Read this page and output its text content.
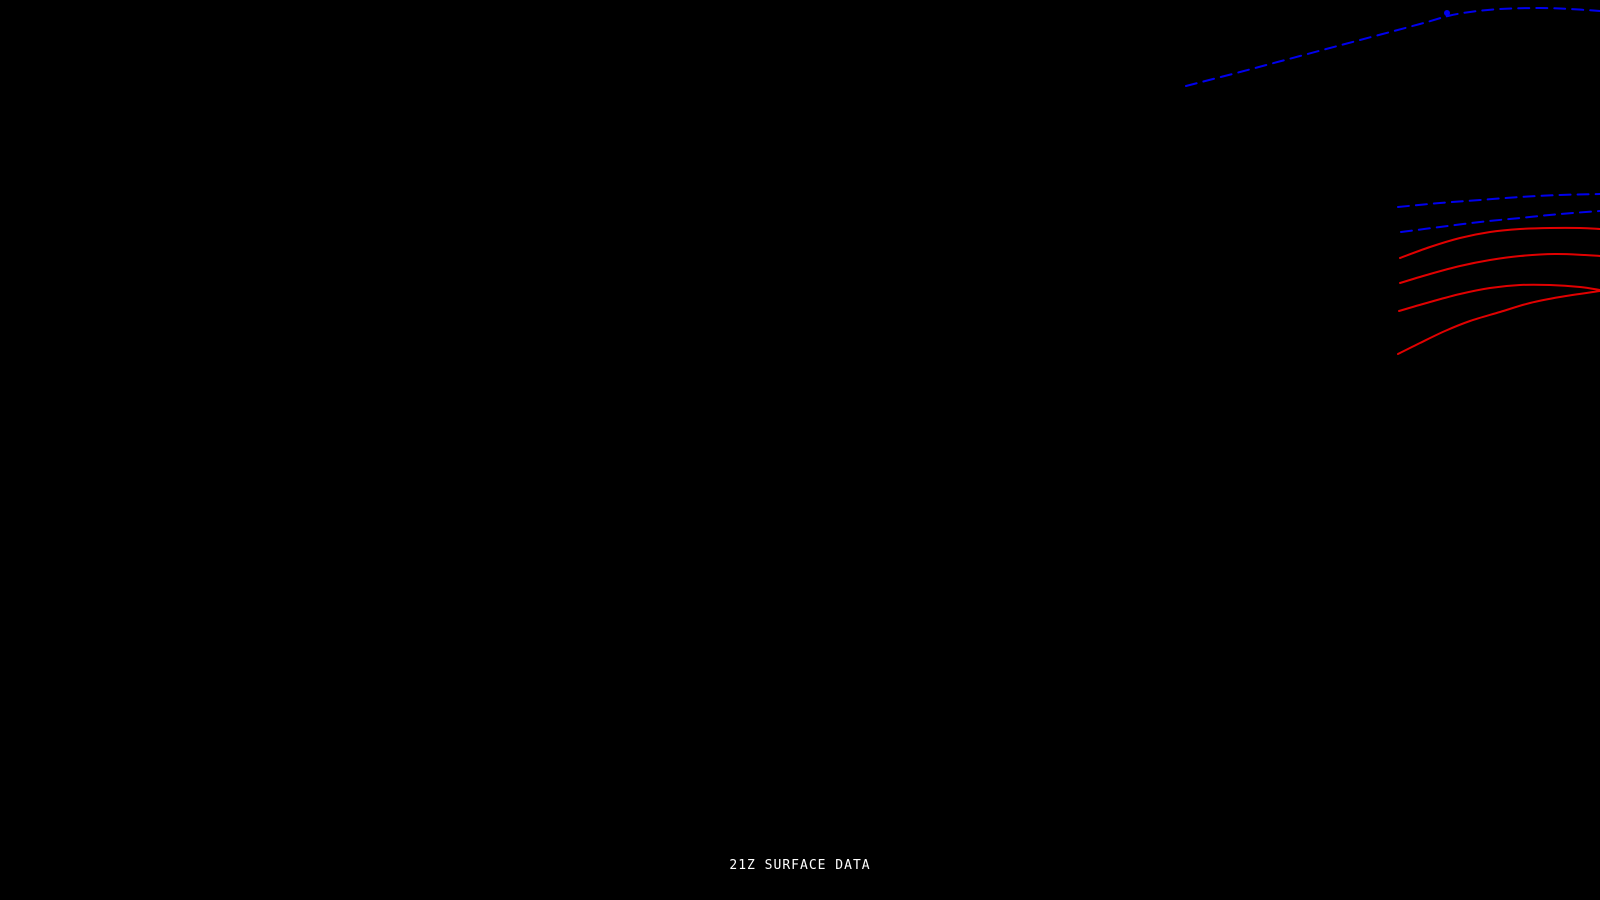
21Z SURFACE DATA
